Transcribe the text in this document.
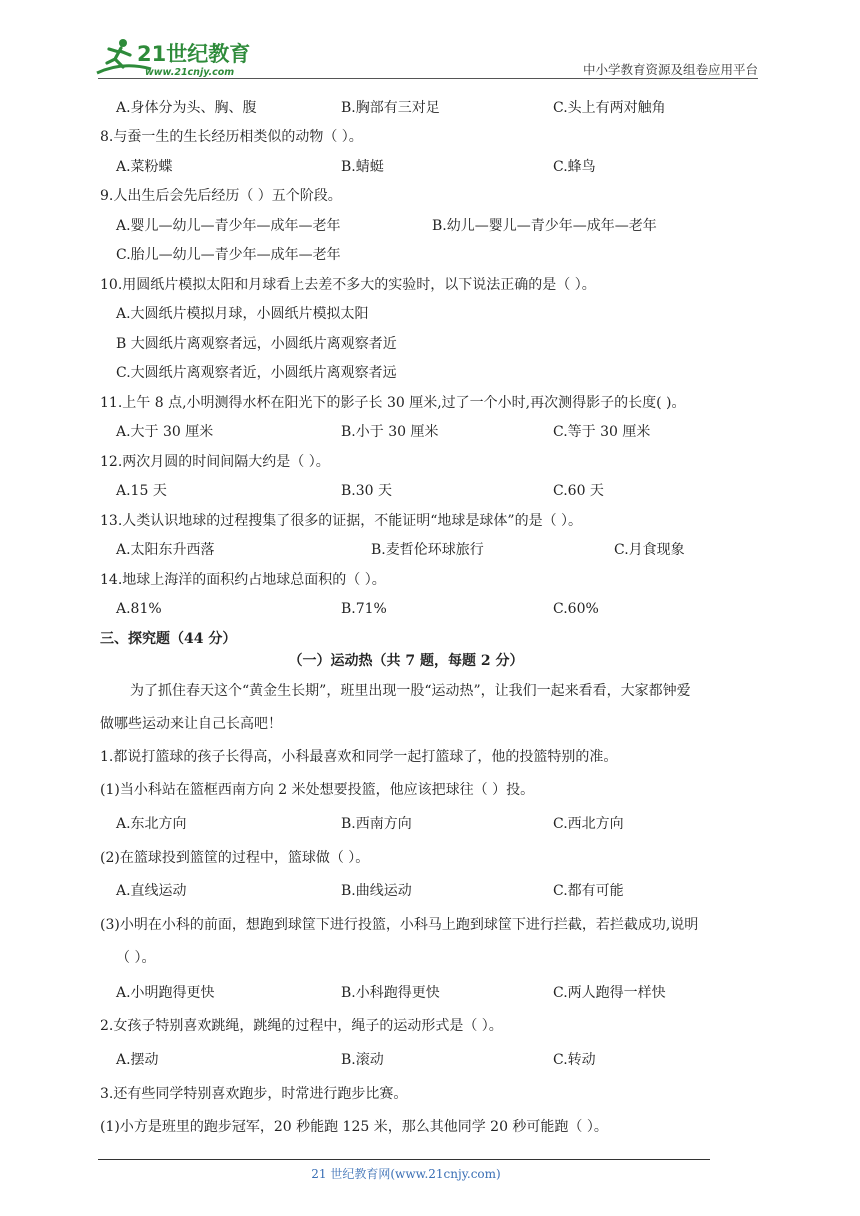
21世纪教育
www.21cnjy.com	中小学教育资源及组卷应用平台
A.身体分为头、胸、腹	B.胸部有三对足	C.头上有两对触角
8.与蚕一生的生长经历相类似的动物（ ）。
A.菜粉蝶	B.蜻蜓	C.蜂鸟
9.人出生后会先后经历（ ）五个阶段。
A.婴儿—幼儿—青少年—成年—老年	B.幼儿—婴儿—青少年—成年—老年
C.胎儿—幼儿—青少年—成年—老年
10.用圆纸片模拟太阳和月球看上去差不多大的实验时，以下说法正确的是（ ）。
A.大圆纸片模拟月球，小圆纸片模拟太阳
B 大圆纸片离观察者远，小圆纸片离观察者近
C.大圆纸片离观察者近，小圆纸片离观察者远
11.上午 8 点,小明测得水杯在阳光下的影子长 30 厘米,过了一个小时,再次测得影子的长度( )。
A.大于 30 厘米	B.小于 30 厘米	C.等于 30 厘米
12.两次月圆的时间间隔大约是（ ）。
A.15 天	B.30 天	C.60 天
13.人类认识地球的过程搜集了很多的证据，不能证明“地球是球体”的是（ ）。
A.太阳东升西落	B.麦哲伦环球旅行	C.月食现象
14.地球上海洋的面积约占地球总面积的（ ）。
A.81%	B.71%	C.60%
三、探究题（44 分）
（一）运动热（共 7 题，每题 2 分）
为了抓住春天这个“黄金生长期”，班里出现一股“运动热”，让我们一起来看看，大家都钟爱
做哪些运动来让自己长高吧！
1.都说打篮球的孩子长得高，小科最喜欢和同学一起打篮球了，他的投篮特别的准。
(1)当小科站在篮框西南方向 2 米处想要投篮，他应该把球往（ ）投。
A.东北方向	B.西南方向	C.西北方向
(2)在篮球投到篮筐的过程中，篮球做（ ）。
A.直线运动	B.曲线运动	C.都有可能
(3)小明在小科的前面，想跑到球筐下进行投篮，小科马上跑到球筐下进行拦截，若拦截成功,说明
（ ）。
A.小明跑得更快	B.小科跑得更快	C.两人跑得一样快
2.女孩子特别喜欢跳绳，跳绳的过程中，绳子的运动形式是（ ）。
A.摆动	B.滚动	C.转动
3.还有些同学特别喜欢跑步，时常进行跑步比赛。
(1)小方是班里的跑步冠军，20 秒能跑 125 米，那么其他同学 20 秒可能跑（ ）。
21 世纪教育网(www.21cnjy.com)
